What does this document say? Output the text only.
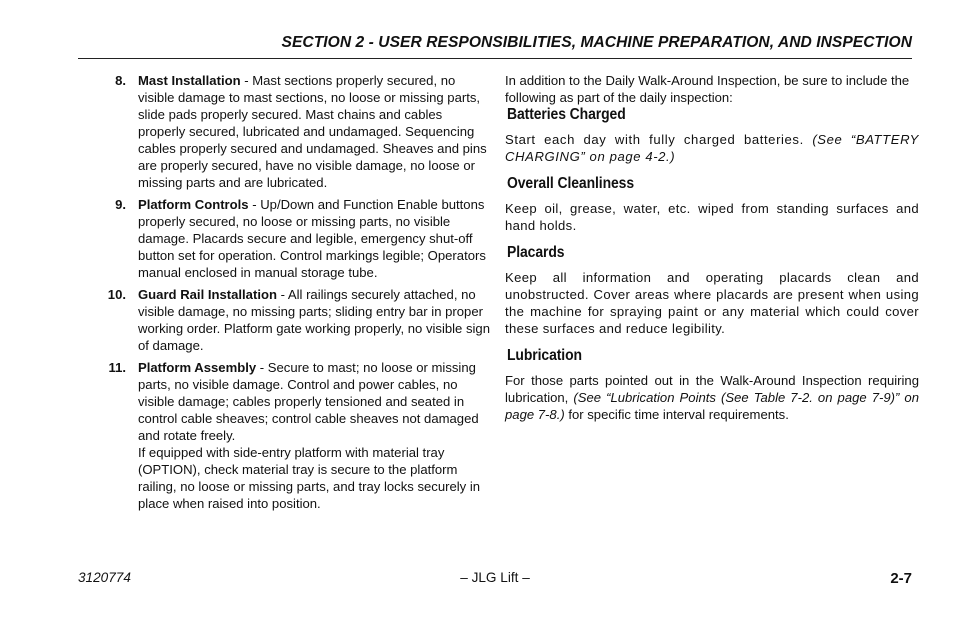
SECTION 2 - USER RESPONSIBILITIES, MACHINE PREPARATION, AND INSPECTION
8. Mast Installation - Mast sections properly secured, no visible damage to mast sections, no loose or missing parts, slide pads properly secured. Mast chains and cables properly secured, lubricated and undamaged. Sequencing cables properly secured and undamaged. Sheaves and pins are properly secured, have no visible damage, no loose or missing parts and are lubricated.
9. Platform Controls - Up/Down and Function Enable buttons properly secured, no loose or missing parts, no visible damage. Placards secure and legible, emergency shut-off button set for operation. Control markings legible; Operators manual enclosed in manual storage tube.
10. Guard Rail Installation - All railings securely attached, no visible damage, no missing parts; sliding entry bar in proper working order. Platform gate working properly, no visible sign of damage.
11. Platform Assembly - Secure to mast; no loose or missing parts, no visible damage. Control and power cables, no visible damage; cables properly tensioned and seated in control cable sheaves; control cable sheaves not damaged and rotate freely.
If equipped with side-entry platform with material tray (OPTION), check material tray is secure to the platform railing, no loose or missing parts, and tray locks securely in place when raised into position.

In addition to the Daily Walk-Around Inspection, be sure to include the following as part of the daily inspection:

Batteries Charged

Start each day with fully charged batteries. (See “BATTERY CHARGING” on page 4-2.)

Overall Cleanliness

Keep oil, grease, water, etc. wiped from standing surfaces and hand holds.

Placards

Keep all information and operating placards clean and unobstructed. Cover areas where placards are present when using the machine for spraying paint or any material which could cover these surfaces and reduce legibility.

Lubrication

For those parts pointed out in the Walk-Around Inspection requiring lubrication, (See “Lubrication Points (See Table 7-2. on page 7-9)” on page 7-8.) for specific time interval requirements.

3120774	– JLG Lift –	2-7
